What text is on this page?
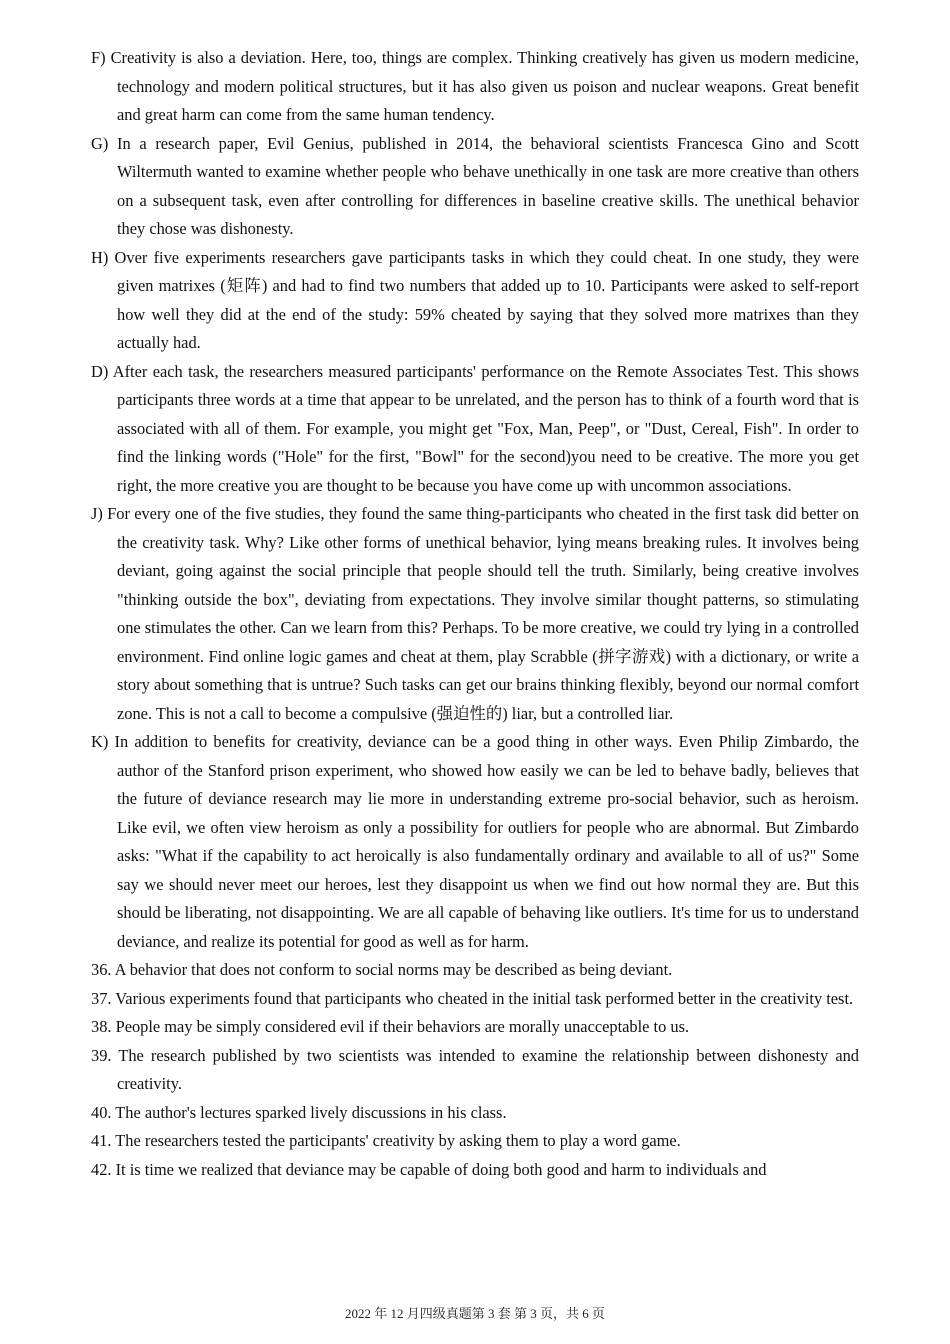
F) Creativity is also a deviation. Here, too, things are complex. Thinking creatively has given us modern medicine, technology and modern political structures, but it has also given us poison and nuclear weapons. Great benefit and great harm can come from the same human tendency.

G) In a research paper, Evil Genius, published in 2014, the behavioral scientists Francesca Gino and Scott Wiltermuth wanted to examine whether people who behave unethically in one task are more creative than others on a subsequent task, even after controlling for differences in baseline creative skills. The unethical behavior they chose was dishonesty.

H) Over five experiments researchers gave participants tasks in which they could cheat. In one study, they were given matrixes (矩阵) and had to find two numbers that added up to 10. Participants were asked to self-report how well they did at the end of the study: 59% cheated by saying that they solved more matrixes than they actually had.

D) After each task, the researchers measured participants' performance on the Remote Associates Test. This shows participants three words at a time that appear to be unrelated, and the person has to think of a fourth word that is associated with all of them. For example, you might get "Fox, Man, Peep", or "Dust, Cereal, Fish". In order to find the linking words ("Hole" for the first, "Bowl" for the second)you need to be creative. The more you get right, the more creative you are thought to be because you have come up with uncommon associations.

J) For every one of the five studies, they found the same thing-participants who cheated in the first task did better on the creativity task. Why? Like other forms of unethical behavior, lying means breaking rules. It involves being deviant, going against the social principle that people should tell the truth. Similarly, being creative involves "thinking outside the box", deviating from expectations. They involve similar thought patterns, so stimulating one stimulates the other. Can we learn from this? Perhaps. To be more creative, we could try lying in a controlled environment. Find online logic games and cheat at them, play Scrabble (拼字游戏) with a dictionary, or write a story about something that is untrue? Such tasks can get our brains thinking flexibly, beyond our normal comfort zone. This is not a call to become a compulsive (强迫性的) liar, but a controlled liar.

K) In addition to benefits for creativity, deviance can be a good thing in other ways. Even Philip Zimbardo, the author of the Stanford prison experiment, who showed how easily we can be led to behave badly, believes that the future of deviance research may lie more in understanding extreme pro-social behavior, such as heroism. Like evil, we often view heroism as only a possibility for outliers for people who are abnormal. But Zimbardo asks: "What if the capability to act heroically is also fundamentally ordinary and available to all of us?" Some say we should never meet our heroes, lest they disappoint us when we find out how normal they are. But this should be liberating, not disappointing. We are all capable of behaving like outliers. It's time for us to understand deviance, and realize its potential for good as well as for harm.

36. A behavior that does not conform to social norms may be described as being deviant.

37. Various experiments found that participants who cheated in the initial task performed better in the creativity test.

38. People may be simply considered evil if their behaviors are morally unacceptable to us.

39. The research published by two scientists was intended to examine the relationship between dishonesty and creativity.

40. The author's lectures sparked lively discussions in his class.

41. The researchers tested the participants' creativity by asking them to play a word game.

42. It is time we realized that deviance may be capable of doing both good and harm to individuals and

2022 年 12 月四级真题第 3 套 第 3 页，共 6 页
